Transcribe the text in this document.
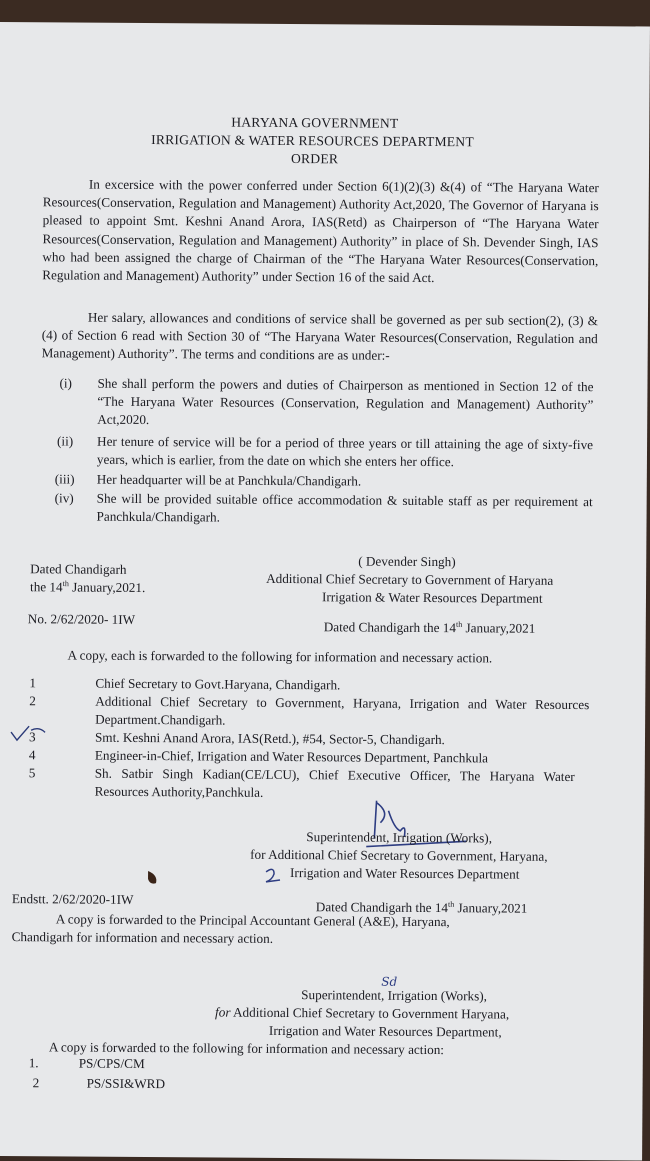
HARYANA GOVERNMENT
IRRIGATION & WATER RESOURCES DEPARTMENT
ORDER
In excersice with the power conferred under Section 6(1)(2)(3) &(4) of “The Haryana Water Resources(Conservation, Regulation and Management) Authority Act,2020, The Governor of Haryana is pleased to appoint Smt. Keshni Anand Arora, IAS(Retd) as Chairperson of “The Haryana Water Resources(Conservation, Regulation and Management) Authority” in place of Sh. Devender Singh, IAS who had been assigned the charge of Chairman of the “The Haryana Water Resources(Conservation, Regulation and Management) Authority” under Section 16 of the said Act.
Her salary, allowances and conditions of service shall be governed as per sub section(2), (3) &(4) of Section 6 read with Section 30 of “The Haryana Water Resources(Conservation, Regulation and Management) Authority”. The terms and conditions are as under:-
(i)	She shall perform the powers and duties of Chairperson as mentioned in Section 12 of the “The Haryana Water Resources (Conservation, Regulation and Management) Authority” Act,2020.
(ii)	Her tenure of service will be for a period of three years or till attaining the age of sixty-five years, which is earlier, from the date on which she enters her office.
(iii)	Her headquarter will be at Panchkula/Chandigarh.
(iv)	She will be provided suitable office accommodation & suitable staff as per requirement at Panchkula/Chandigarh.
Dated Chandigarh
the 14th January,2021.
( Devender Singh)
Additional Chief Secretary to Government of Haryana
Irrigation & Water Resources Department
No. 2/62/2020- 1IW
Dated Chandigarh the 14th January,2021
A copy, each is forwarded to the following for information and necessary action.
1	Chief Secretary to Govt.Haryana, Chandigarh.
2	Additional Chief Secretary to Government, Haryana, Irrigation and Water Resources Department.Chandigarh.
3	Smt. Keshni Anand Arora, IAS(Retd.), #54, Sector-5, Chandigarh.
4	Engineer-in-Chief, Irrigation and Water Resources Department, Panchkula
5	Sh. Satbir Singh Kadian(CE/LCU), Chief Executive Officer, The Haryana Water Resources Authority,Panchkula.
Superintendent, Irrigation (Works),
for Additional Chief Secretary to Government, Haryana,
Irrigation and Water Resources Department
Endstt. 2/62/2020-1IW
Dated Chandigarh the 14th January,2021
A copy is forwarded to the Principal Accountant General (A&E), Haryana,
Chandigarh for information and necessary action.
Sd
Superintendent, Irrigation (Works),
for Additional Chief Secretary to Government Haryana,
Irrigation and Water Resources Department,
A copy is forwarded to the following for information and necessary action:
1.	PS/CPS/CM
2	PS/SSI&WRD
